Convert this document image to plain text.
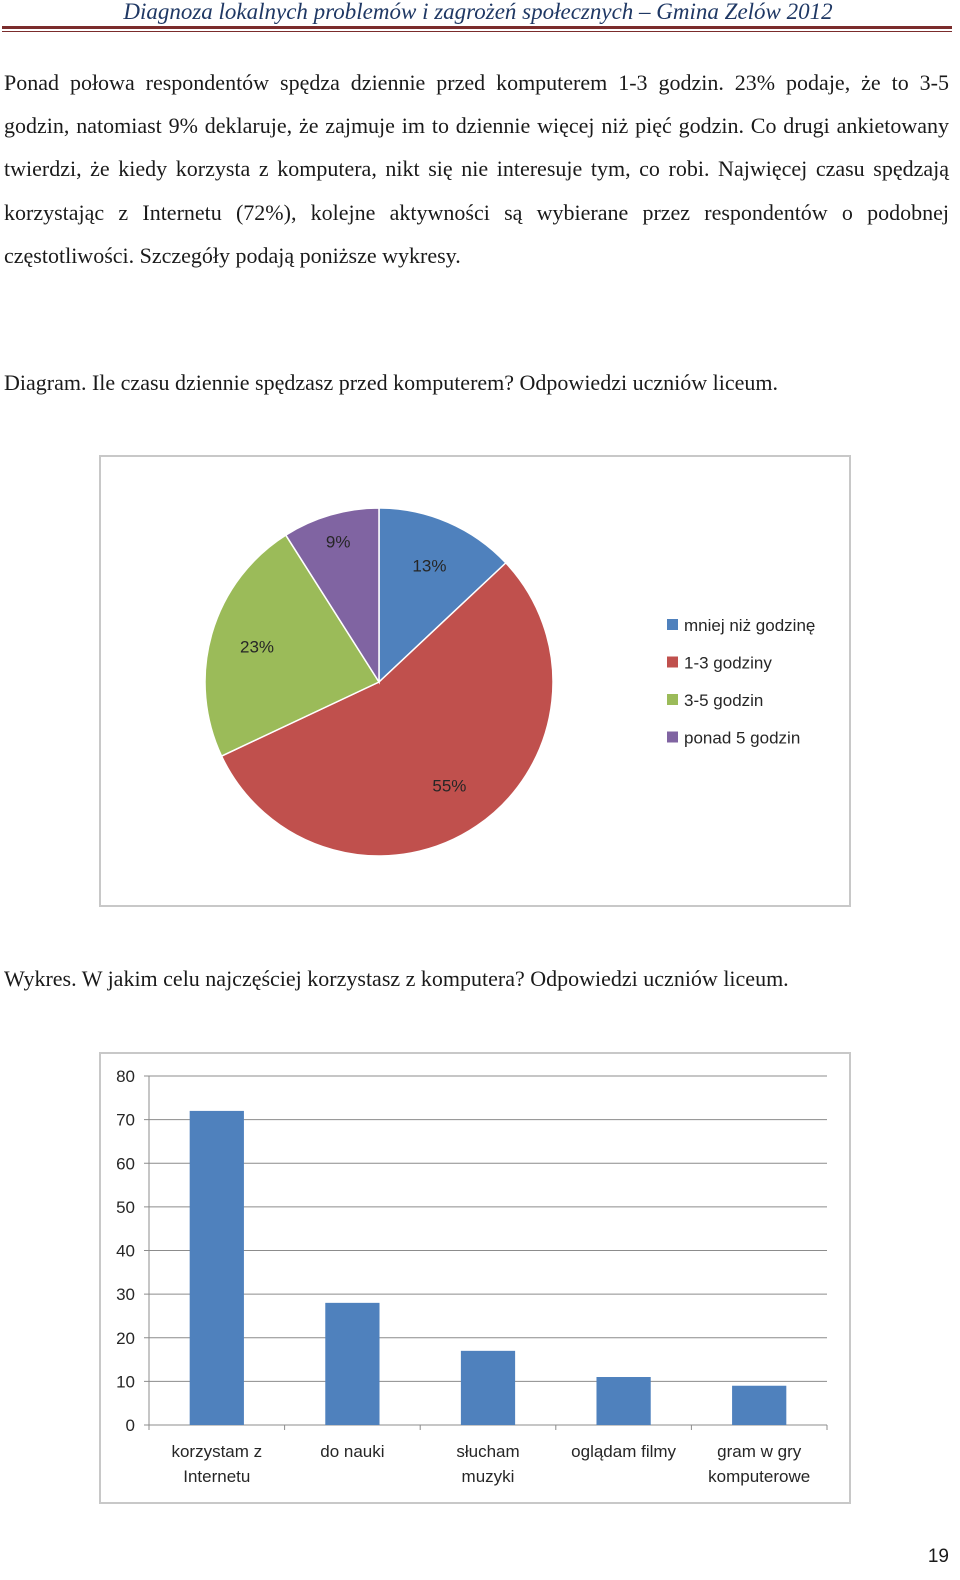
Diagnoza lokalnych problemów i zagrożeń społecznych – Gmina Zelów 2012

Ponad połowa respondentów spędza dziennie przed komputerem 1-3 godzin. 23% podaje, że to 3-5 godzin, natomiast 9% deklaruje, że zajmuje im to dziennie więcej niż pięć godzin. Co drugi ankietowany twierdzi, że kiedy korzysta z komputera, nikt się nie interesuje tym, co robi. Najwięcej czasu spędzają korzystając z Internetu (72%), kolejne aktywności są wybierane przez respondentów o podobnej częstotliwości. Szczegóły podają poniższe wykresy.

Diagram. Ile czasu dziennie spędzasz przed komputerem? Odpowiedzi uczniów liceum.

13%
55%
23%
9%
mniej niż godzinę
1-3 godziny
3-5 godzin
ponad 5 godzin

Wykres. W jakim celu najczęściej korzystasz z komputera? Odpowiedzi uczniów liceum.

0
10
20
30
40
50
60
70
80
korzystam z Internetu
do nauki	słucham muzyki
oglądam filmy	gram w gry komputerowe
19
